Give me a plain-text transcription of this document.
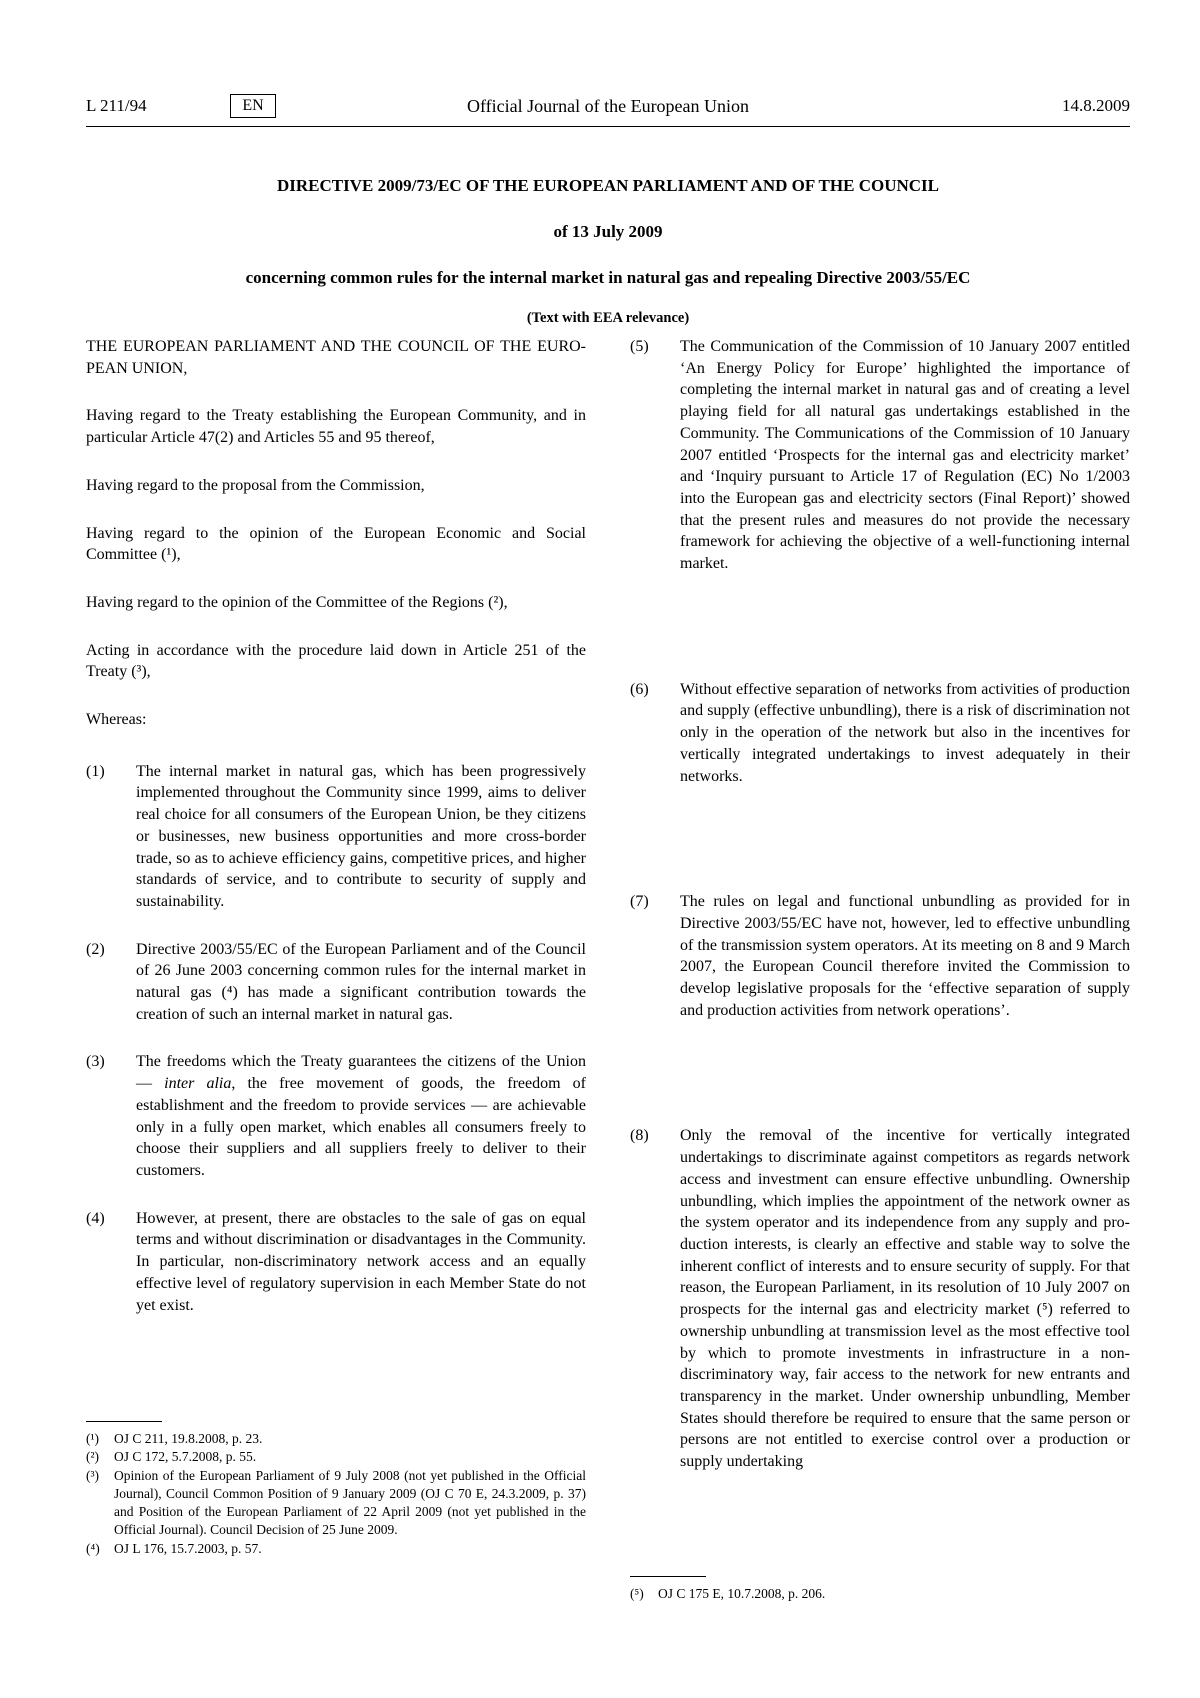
L 211/94	Official Journal of the European Union
EN	14.8.2009
DIRECTIVE 2009/73/EC OF THE EUROPEAN PARLIAMENT AND OF THE COUNCIL
of 13 July 2009
concerning common rules for the internal market in natural gas and repealing Directive 2003/55/EC
(Text with EEA relevance)

THE EUROPEAN PARLIAMENT AND THE COUNCIL OF THE EUROPEAN UNION,

Having regard to the Treaty establishing the European Community, and in particular Article 47(2) and Articles 55 and 95 thereof,

Having regard to the proposal from the Commission,

Having regard to the opinion of the European Economic and Social Committee (¹),

Having regard to the opinion of the Committee of the Regions (²),

Acting in accordance with the procedure laid down in Article 251 of the Treaty (³),

Whereas:

(1) The internal market in natural gas, which has been progressively implemented throughout the Community since 1999, aims to deliver real choice for all consumers of the European Union, be they citizens or businesses, new business opportunities and more cross-border trade, so as to achieve efficiency gains, competitive prices, and higher standards of service, and to contribute to security of supply and sustainability.
(2) Directive 2003/55/EC of the European Parliament and of the Council of 26 June 2003 concerning common rules for the internal market in natural gas (⁴) has made a significant contribution towards the creation of such an internal market in natural gas.
(3) The freedoms which the Treaty guarantees the citizens of the Union — inter alia, the free movement of goods, the freedom of establishment and the freedom to provide services — are achievable only in a fully open market, which enables all consumers freely to choose their suppliers and all suppliers freely to deliver to their customers.
(4) However, at present, there are obstacles to the sale of gas on equal terms and without discrimination or disadvantages in the Community. In particular, non-discriminatory network access and an equally effective level of regulatory supervision in each Member State do not yet exist.
(¹) OJ C 211, 19.8.2008, p. 23.
(²) OJ C 172, 5.7.2008, p. 55.
(³) Opinion of the European Parliament of 9 July 2008 (not yet published in the Official Journal), Council Common Position of 9 January 2009 (OJ C 70 E, 24.3.2009, p. 37) and Position of the European Parliament of 22 April 2009 (not yet published in the Official Journal). Council Decision of 25 June 2009.
(⁴) OJ L 176, 15.7.2003, p. 57.
(5) The Communication of the Commission of 10 January 2007 entitled ‘An Energy Policy for Europe’ highlighted the importance of completing the internal market in natural gas and of creating a level playing field for all natural gas undertakings established in the Community. The Communications of the Commission of 10 January 2007 entitled ‘Prospects for the internal gas and electricity market’ and ‘Inquiry pursuant to Article 17 of Regulation (EC) No 1/2003 into the European gas and electricity sectors (Final Report)’ showed that the present rules and measures do not provide the necessary framework for achieving the objective of a well-functioning internal market.
(6) Without effective separation of networks from activities of production and supply (effective unbundling), there is a risk of discrimination not only in the operation of the network but also in the incentives for vertically integrated undertakings to invest adequately in their networks.
(7) The rules on legal and functional unbundling as provided for in Directive 2003/55/EC have not, however, led to effective unbundling of the transmission system operators. At its meeting on 8 and 9 March 2007, the European Council therefore invited the Commission to develop legislative proposals for the ‘effective separation of supply and production activities from network operations’.
(8) Only the removal of the incentive for vertically integrated undertakings to discriminate against competitors as regards network access and investment can ensure effective unbundling. Ownership unbundling, which implies the appointment of the network owner as the system operator and its independence from any supply and production interests, is clearly an effective and stable way to solve the inherent conflict of interests and to ensure security of supply. For that reason, the European Parliament, in its resolution of 10 July 2007 on prospects for the internal gas and electricity market (⁵) referred to ownership unbundling at transmission level as the most effective tool by which to promote investments in infrastructure in a non-discriminatory way, fair access to the network for new entrants and transparency in the market. Under ownership unbundling, Member States should therefore be required to ensure that the same person or persons are not entitled to exercise control over a production or supply undertaking
(⁵) OJ C 175 E, 10.7.2008, p. 206.
